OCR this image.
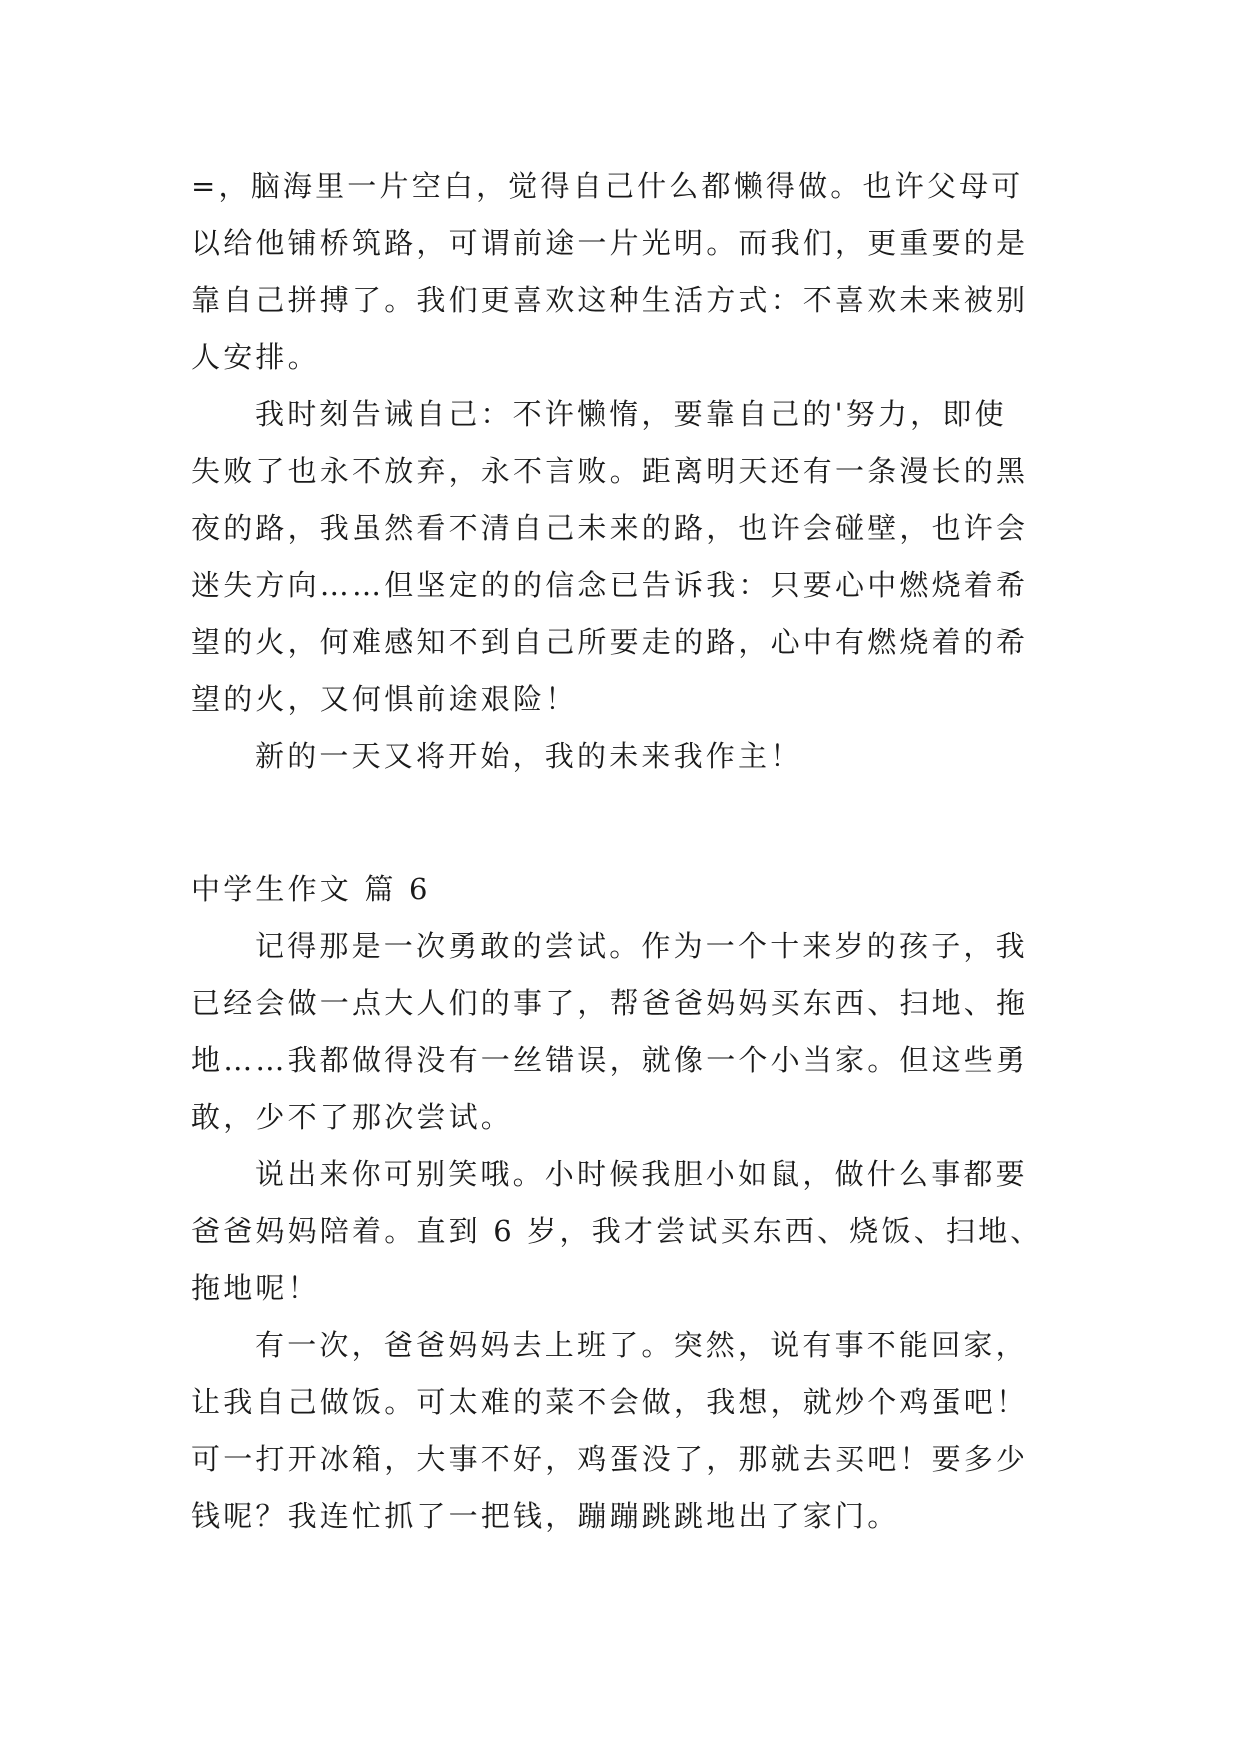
=，脑海里一片空白，觉得自己什么都懒得做。也许父母可
以给他铺桥筑路，可谓前途一片光明。而我们，更重要的是
靠自己拼搏了。我们更喜欢这种生活方式：不喜欢未来被别
人安排。
我时刻告诫自己：不许懒惰，要靠自己的'努力，即使
失败了也永不放弃，永不言败。距离明天还有一条漫长的黑
夜的路，我虽然看不清自己未来的路，也许会碰壁，也许会
迷失方向……但坚定的的信念已告诉我：只要心中燃烧着希
望的火，何难感知不到自己所要走的路，心中有燃烧着的希
望的火，又何惧前途艰险！
新的一天又将开始，我的未来我作主！
中学生作文 篇 6
记得那是一次勇敢的尝试。作为一个十来岁的孩子，我
已经会做一点大人们的事了，帮爸爸妈妈买东西、扫地、拖
地……我都做得没有一丝错误，就像一个小当家。但这些勇
敢，少不了那次尝试。
说出来你可别笑哦。小时候我胆小如鼠，做什么事都要
爸爸妈妈陪着。直到 6 岁，我才尝试买东西、烧饭、扫地、
拖地呢！
有一次，爸爸妈妈去上班了。突然，说有事不能回家，
让我自己做饭。可太难的菜不会做，我想，就炒个鸡蛋吧！
可一打开冰箱，大事不好，鸡蛋没了，那就去买吧！要多少
钱呢？我连忙抓了一把钱，蹦蹦跳跳地出了家门。
